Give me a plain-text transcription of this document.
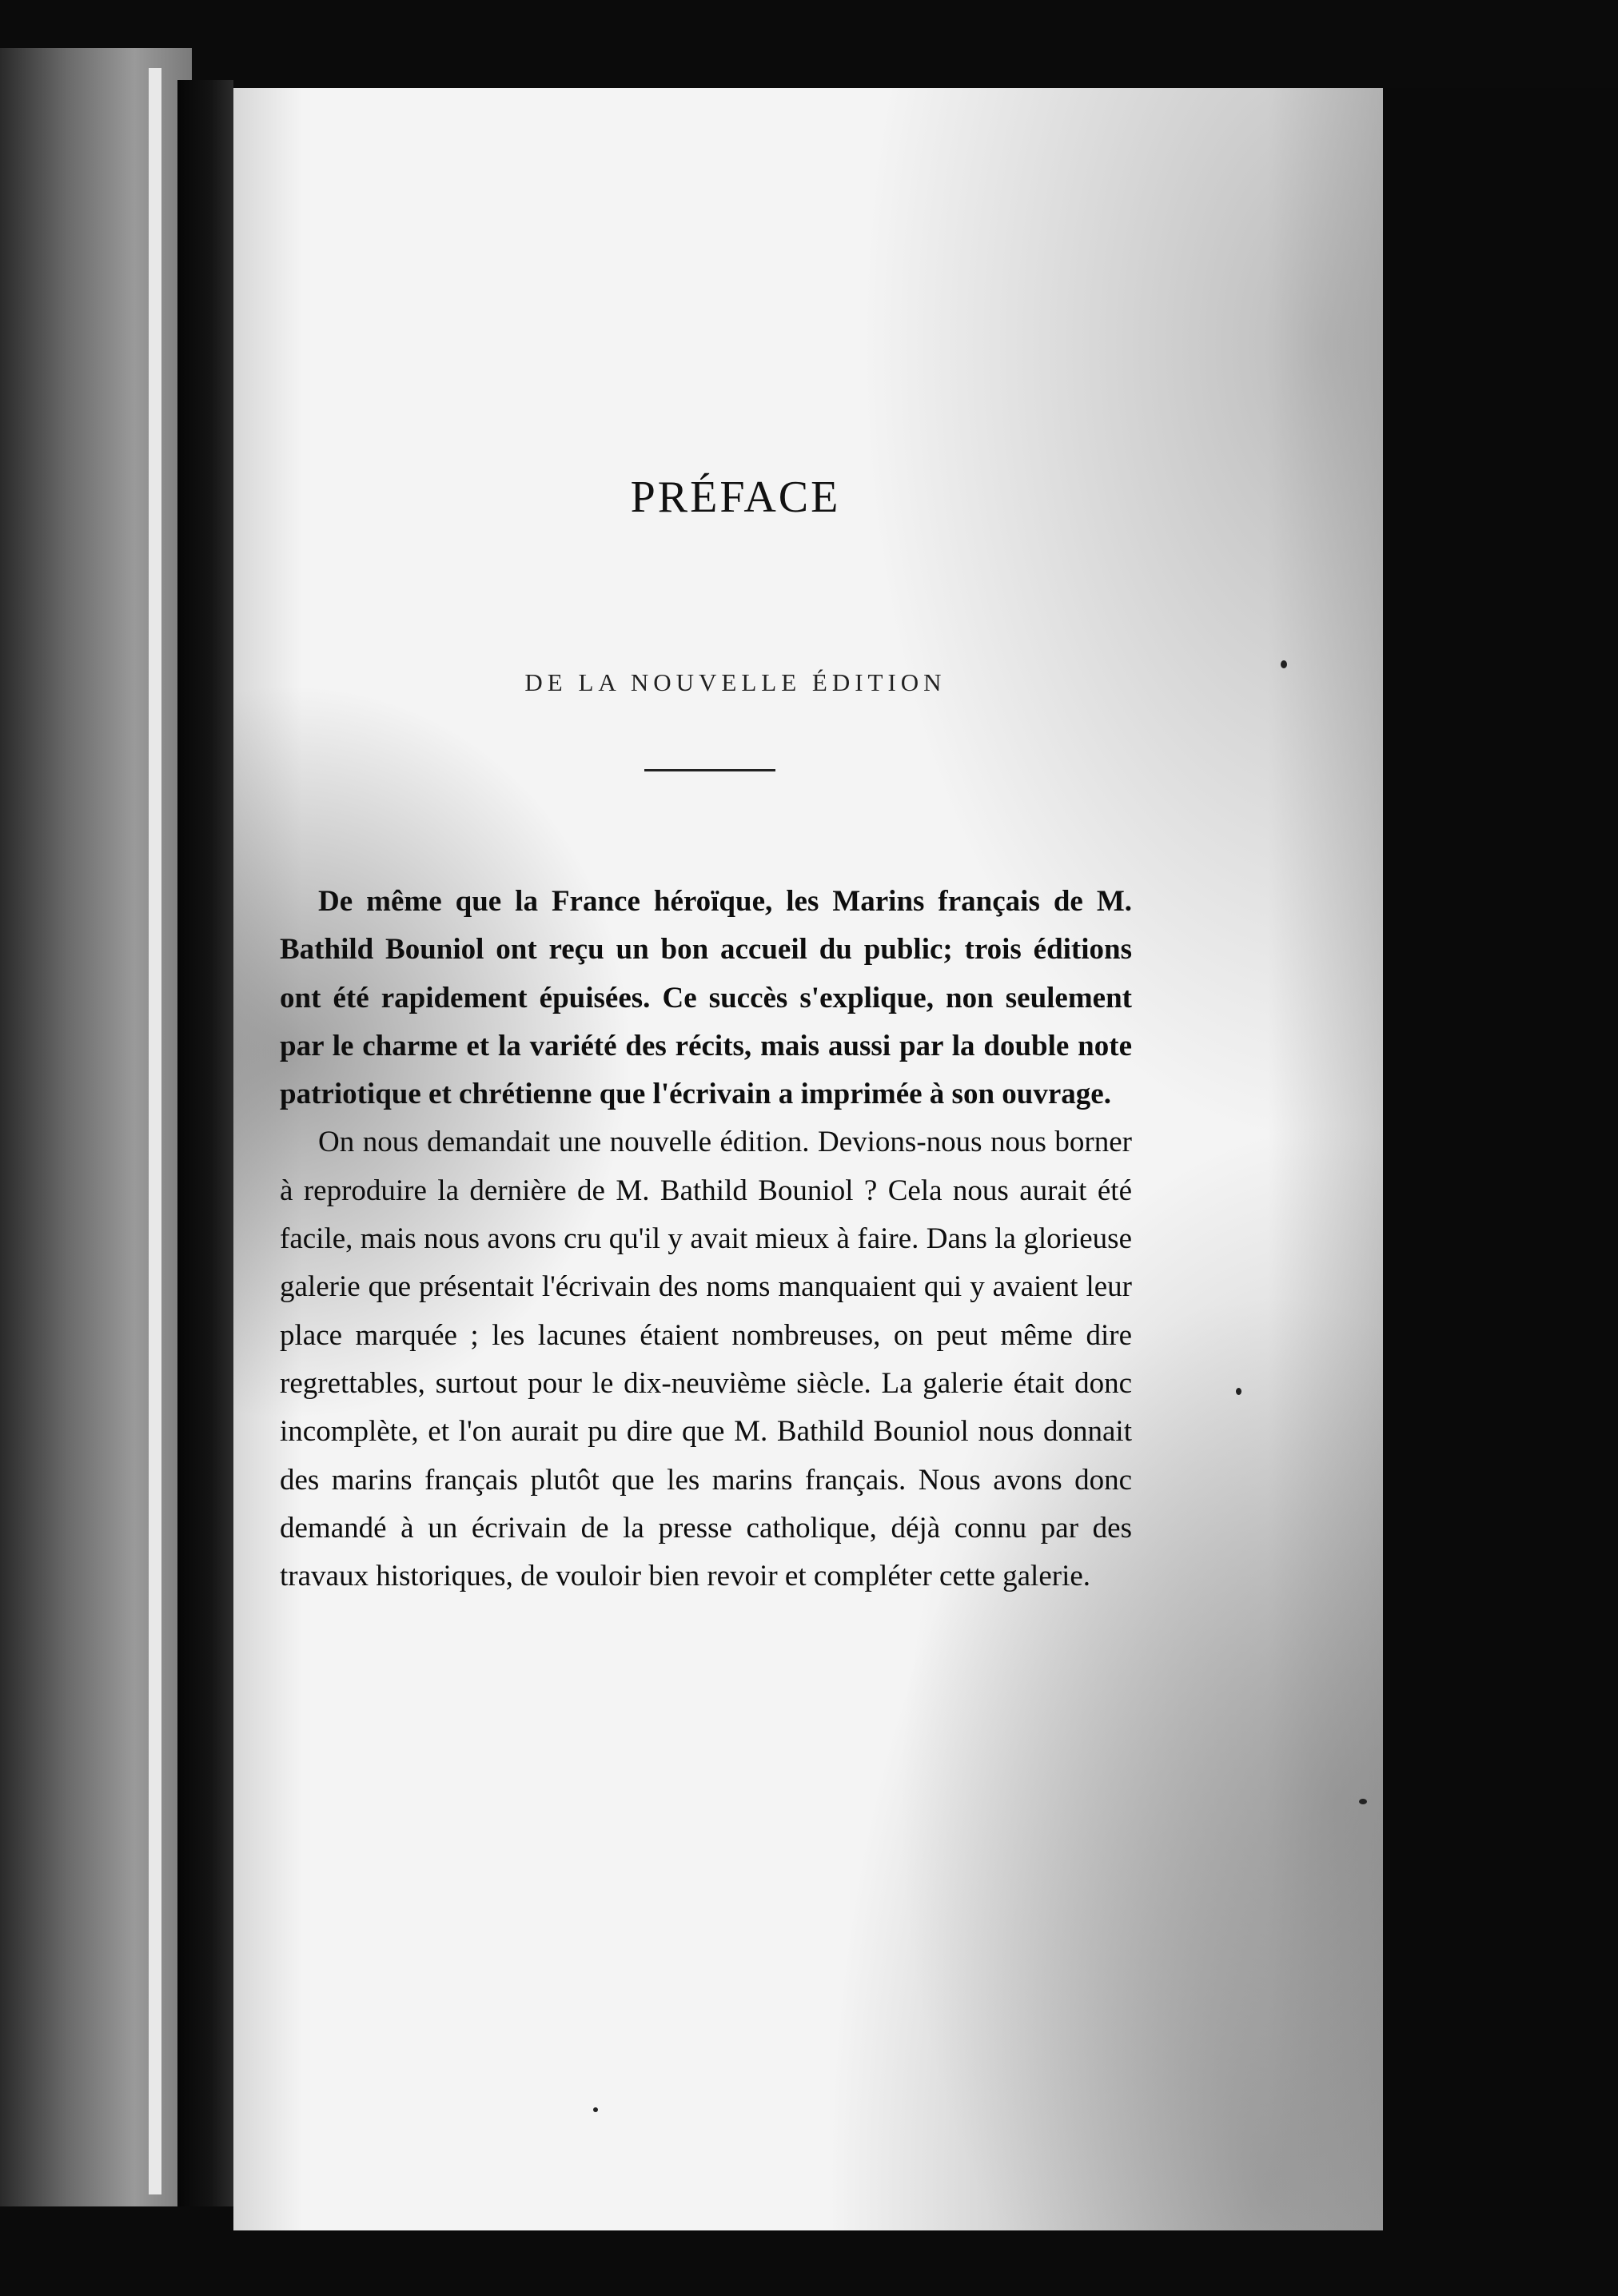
PRÉFACE
DE LA NOUVELLE ÉDITION

De même que la France héroïque, les Marins français de M. Bathild Bouniol ont reçu un bon accueil du public; trois éditions ont été rapidement épuisées. Ce succès s'explique, non seulement par le charme et la variété des récits, mais aussi par la double note patriotique et chrétienne que l'écrivain a imprimée à son ouvrage.

On nous demandait une nouvelle édition. Devions-nous nous borner à reproduire la dernière de M. Bathild Bouniol ? Cela nous aurait été facile, mais nous avons cru qu'il y avait mieux à faire. Dans la glorieuse galerie que présentait l'écrivain des noms manquaient qui y avaient leur place marquée ; les lacunes étaient nombreuses, on peut même dire regrettables, surtout pour le dix-neuvième siècle. La galerie était donc incomplète, et l'on aurait pu dire que M. Bathild Bouniol nous donnait des marins français plutôt que les marins français. Nous avons donc demandé à un écrivain de la presse catholique, déjà connu par des travaux historiques, de vouloir bien revoir et compléter cette galerie.
